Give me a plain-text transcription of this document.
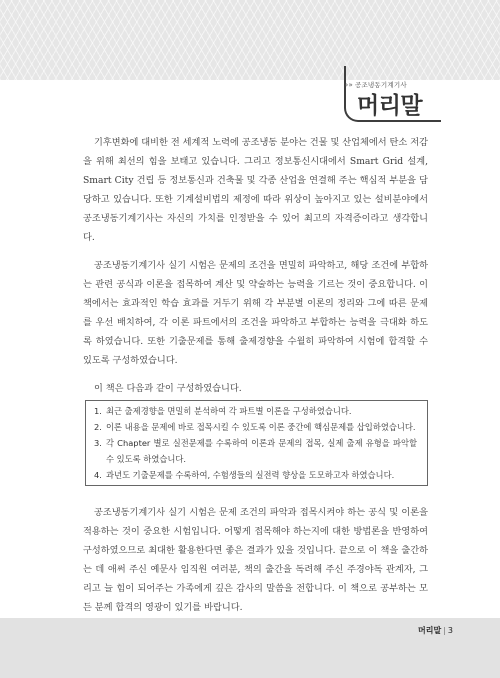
»» 공조냉동기계기사
머리말

기후변화에 대비한 전 세계적 노력에 공조냉동 분야는 건물 및 산업체에서 탄소 저감을 위해 최선의 힘을 보태고 있습니다. 그리고 정보통신시대에서 Smart Grid 설계, Smart City 건립 등 정보통신과 건축물 및 각종 산업을 연결해 주는 핵심적 부분을 담당하고 있습니다. 또한 기계설비법의 제정에 따라 위상이 높아지고 있는 설비분야에서 공조냉동기계기사는 자신의 가치를 인정받을 수 있어 최고의 자격증이라고 생각합니다.

공조냉동기계기사 실기 시험은 문제의 조건을 면밀히 파악하고, 해당 조건에 부합하는 관련 공식과 이론을 접목하여 계산 및 약술하는 능력을 기르는 것이 중요합니다. 이 책에서는 효과적인 학습 효과를 거두기 위해 각 부분별 이론의 정리와 그에 따른 문제를 우선 배치하여, 각 이론 파트에서의 조건을 파악하고 부합하는 능력을 극대화 하도록 하였습니다. 또한 기출문제를 통해 출제경향을 수월히 파악하여 시험에 합격할 수 있도록 구성하였습니다.

이 책은 다음과 같이 구성하였습니다.

1. 최근 출제경향을 면밀히 분석하여 각 파트별 이론을 구성하였습니다.
2. 이론 내용을 문제에 바로 접목시킬 수 있도록 이론 중간에 핵심문제를 삽입하였습니다.
3. 각 Chapter 별로 실전문제를 수록하여 이론과 문제의 접목, 실제 출제 유형을 파악할 수 있도록 하였습니다.
4. 과년도 기출문제를 수록하여, 수험생들의 실전력 향상을 도모하고자 하였습니다.

공조냉동기계기사 실기 시험은 문제 조건의 파악과 접목시켜야 하는 공식 및 이론을 적용하는 것이 중요한 시험입니다. 어떻게 접목해야 하는지에 대한 방법론을 반영하여 구성하였으므로 최대한 활용한다면 좋은 결과가 있을 것입니다. 끝으로 이 책을 출간하는 데 애써 주신 예문사 임직원 여러분, 책의 출간을 독려해 주신 주경야독 관계자, 그리고 늘 힘이 되어주는 가족에게 깊은 감사의 말씀을 전합니다. 이 책으로 공부하는 모든 분께 합격의 영광이 있기를 바랍니다.

머리말 | 3
